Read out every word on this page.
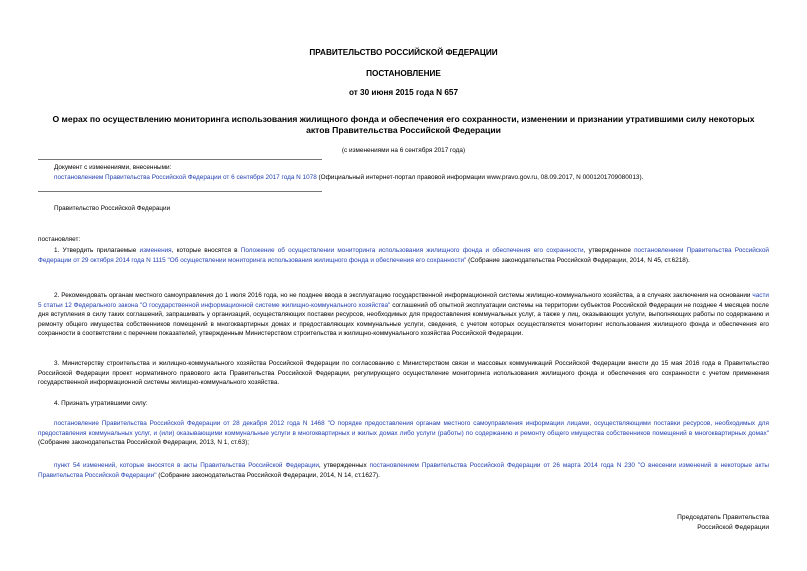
ПРАВИТЕЛЬСТВО РОССИЙСКОЙ ФЕДЕРАЦИИ
ПОСТАНОВЛЕНИЕ
от 30 июня 2015 года N 657
О мерах по осуществлению мониторинга использования жилищного фонда и обеспечения его сохранности, изменении и признании утратившими силу некоторых актов Правительства Российской Федерации
(с изменениями на 6 сентября 2017 года)
Документ с изменениями, внесенными:
постановлением Правительства Российской Федерации от 6 сентября 2017 года N 1078 (Официальный интернет-портал правовой информации www.pravo.gov.ru, 08.09.2017, N 0001201709080013).
Правительство Российской Федерации
постановляет:
1. Утвердить прилагаемые изменения, которые вносятся в Положение об осуществлении мониторинга использования жилищного фонда и обеспечения его сохранности, утвержденное постановлением Правительства Российской Федерации от 29 октября 2014 года N 1115 "Об осуществлении мониторинга использования жилищного фонда и обеспечения его сохранности" (Собрание законодательства Российской Федерации, 2014, N 45, ст.6218).
2. Рекомендовать органам местного самоуправления до 1 июля 2016 года, но не позднее ввода в эксплуатацию государственной информационной системы жилищно-коммунального хозяйства, а в случаях заключения на основании части 5 статьи 12 Федерального закона "О государственной информационной системе жилищно-коммунального хозяйства" соглашений об опытной эксплуатации системы на территории субъектов Российской Федерации не позднее 4 месяцев после дня вступления в силу таких соглашений, запрашивать у организаций, осуществляющих поставки ресурсов, необходимых для предоставления коммунальных услуг, а также у лиц, оказывающих услуги, выполняющих работы по содержанию и ремонту общего имущества собственников помещений в многоквартирных домах и предоставляющих коммунальные услуги, сведения, с учетом которых осуществляется мониторинг использования жилищного фонда и обеспечения его сохранности в соответствии с перечнем показателей, утвержденным Министерством строительства и жилищно-коммунального хозяйства Российской Федерации.
3. Министерству строительства и жилищно-коммунального хозяйства Российской Федерации по согласованию с Министерством связи и массовых коммуникаций Российской Федерации внести до 15 мая 2016 года в Правительство Российской Федерации проект нормативного правового акта Правительства Российской Федерации, регулирующего осуществление мониторинга использования жилищного фонда и обеспечения его сохранности с учетом применения государственной информационной системы жилищно-коммунального хозяйства.
4. Признать утратившими силу:
постановление Правительства Российской Федерации от 28 декабря 2012 года N 1468 "О порядке предоставления органам местного самоуправления информации лицами, осуществляющими поставки ресурсов, необходимых для предоставления коммунальных услуг, и (или) оказывающими коммунальные услуги в многоквартирных и жилых домах либо услуги (работы) по содержанию и ремонту общего имущества собственников помещений в многоквартирных домах" (Собрание законодательства Российской Федерации, 2013, N 1, ст.63);
пункт 54 изменений, которые вносятся в акты Правительства Российской Федерации, утвержденных постановлением Правительства Российской Федерации от 26 марта 2014 года N 230 "О внесении изменений в некоторые акты Правительства Российской Федерации" (Собрание законодательства Российской Федерации, 2014, N 14, ст.1627).
Председатель Правительства
Российской Федерации
